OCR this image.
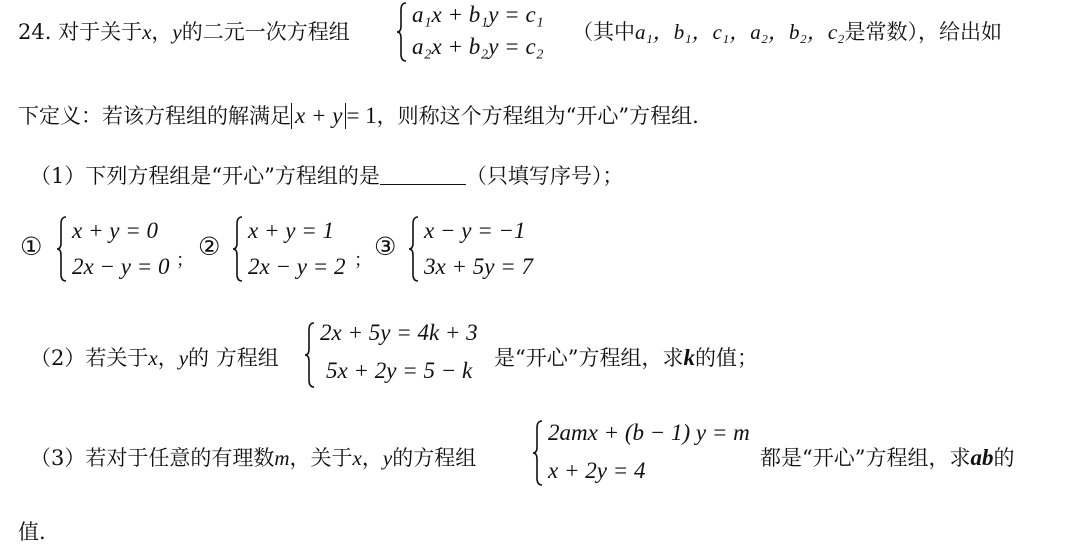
24. 对于关于x，y的二元一次方程组
a₁x + b₁y = c₁
a₂x + b₂y = c₂
（其中a₁，b₁，c₁，a₂，b₂，c₂是常数），给出如
下定义：若该方程组的解满足 x + y = 1，则称这个方程组为“开心”方程组.
（1）下列方程组是“开心”方程组的是	（只填写序号）；
①
x + y = 0
2x − y = 0 ； ②
x + y = 1
2x − y = 2 ； ③
x − y = −1
3x + 5y = 7
（2）若关于x，y的 方程组
2x + 5y = 4k + 3
5x + 2y = 5 − k 是“开心”方程组，求k的值；
（3）若对于任意的有理数m，关于x，y的方程组
2amx + (b − 1) y = m
x + 2y = 4	都是“开心”方程组，求ab的
值.
